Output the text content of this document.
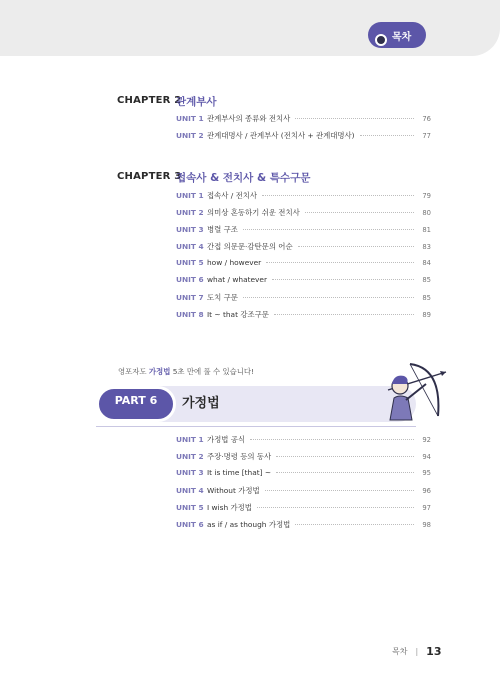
목차
CHAPTER 2
관계부사
UNIT 1 관계부사의 종류와 전치사	76
UNIT 2 관계대명사 / 관계부사 (전치사 + 관계대명사)	77
CHAPTER 3
접속사 & 전치사 & 특수구문
UNIT 1 접속사 / 전치사	79
UNIT 2 의미상 혼동하기 쉬운 전치사	80
UNIT 3 병렬 구조	81
UNIT 4 간접 의문문·감탄문의 어순	83
UNIT 5 how / however	84
UNIT 6 what / whatever	85
UNIT 7 도치 구문	85
UNIT 8 It ~ that 강조구문	89
영포자도 가정법 5초 만에 풀 수 있습니다!
PART 6	가정법
UNIT 1 가정법 공식	92
UNIT 2 주장·명령 등의 동사	94
UNIT 3 It is time [that] ~	95
UNIT 4 Without 가정법	96
UNIT 5 I wish 가정법	97
UNIT 6 as if / as though 가정법	98
목차 | 13
